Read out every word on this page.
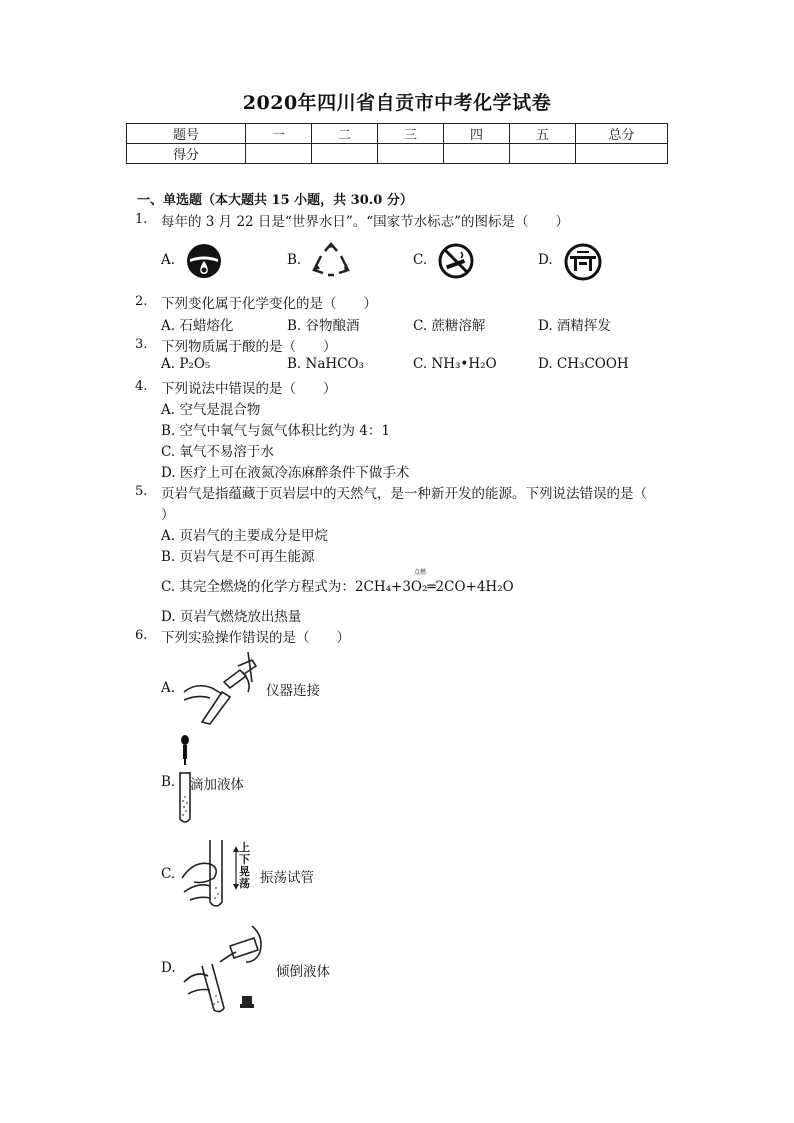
2020年四川省自贡市中考化学试卷
题号	一	二	三	四	五	总分
得分						
一、单选题（本大题共 15 小题，共 30.0 分）
1. 每年的 3 月 22 日是“世界水日”。“国家节水标志”的图标是（　　）
A.	B.	C.	D.
2. 下列变化属于化学变化的是（　　）
A. 石蜡熔化	B. 谷物酿酒	C. 蔗糖溶解	D. 酒精挥发
3. 下列物质属于酸的是（　　）
A. P₂O₅	B. NaHCO₃	C. NH₃•H₂O	D. CH₃COOH
4. 下列说法中错误的是（　　）
A. 空气是混合物
B. 空气中氧气与氮气体积比约为 4：1
C. 氧气不易溶于水
D. 医疗上可在液氮冷冻麻醉条件下做手术
5. 页岩气是指蕴藏于页岩层中的天然气，是一种新开发的能源。下列说法错误的是（
）
A. 页岩气的主要成分是甲烷
B. 页岩气是不可再生能源
点燃
C. 其完全燃烧的化学方程式为：2CH₄+3O₂═2CO+4H₂O
D. 页岩气燃烧放出热量
6. 下列实验操作错误的是（　　）
A.	仪器连接
B. 滴加液体
C.
上下晃荡 振荡试管
D.	倾倒液体
